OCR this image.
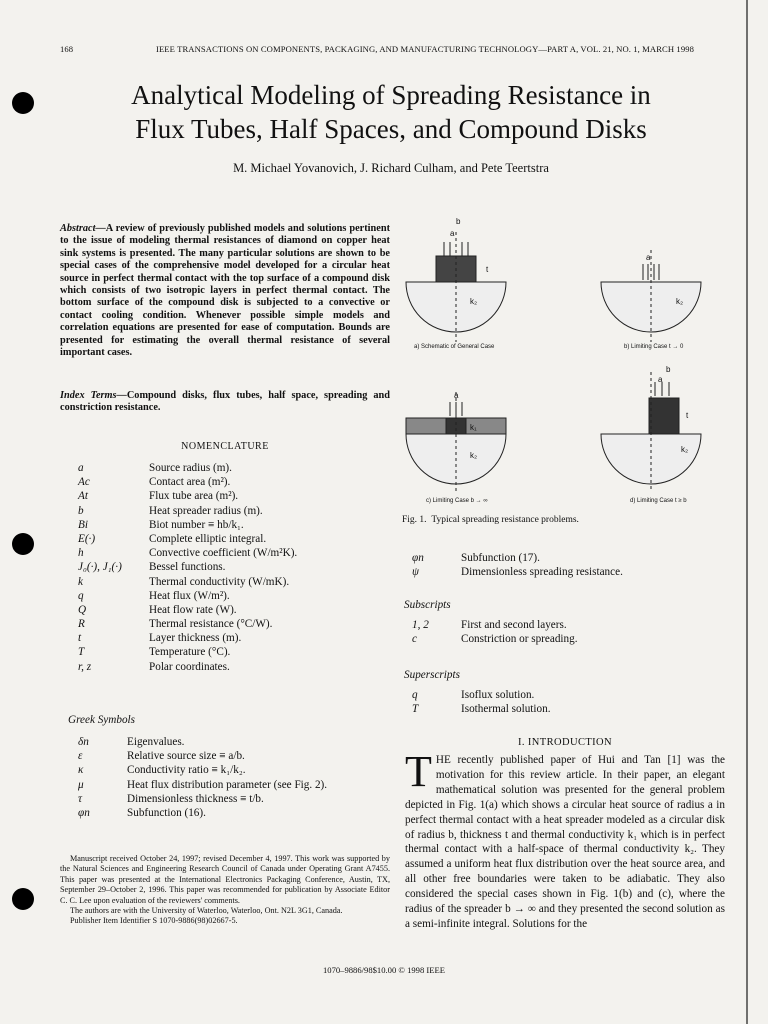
168	IEEE TRANSACTIONS ON COMPONENTS, PACKAGING, AND MANUFACTURING TECHNOLOGY—PART A, VOL. 21, NO. 1, MARCH 1998
Analytical Modeling of Spreading Resistance in
Flux Tubes, Half Spaces, and Compound Disks
M. Michael Yovanovich, J. Richard Culham, and Pete Teertstra
Abstract—A review of previously published models and solutions pertinent to the issue of modeling thermal resistances of diamond on copper heat sink systems is presented. The many particular solutions are shown to be special cases of the comprehensive model developed for a circular heat source in perfect thermal contact with the top surface of a compound disk which consists of two isotropic layers in perfect thermal contact. The bottom surface of the compound disk is subjected to a convective or contact cooling condition. Whenever possible simple models and correlation equations are presented for ease of computation. Bounds are presented for estimating the overall thermal resistance of several important cases.
Index Terms—Compound disks, flux tubes, half space, spreading and constriction resistance.
NOMENCLATURE
a	Source radius (m).
Ac	Contact area (m²).
At	Flux tube area (m²).
b	Heat spreader radius (m).
Bi	Biot number ≡ hb/k₁.
E(·)	Complete elliptic integral.
h	Convective coefficient (W/m²K).
J₀(·), J₁(·) Bessel functions.
k	Thermal conductivity (W/mK).
q	Heat flux (W/m²).
Q	Heat flow rate (W).
R	Thermal resistance (°C/W).
t	Layer thickness (m).
T	Temperature (°C).
r, z	Polar coordinates.
Greek Symbols
δn	Eigenvalues.
ε	Relative source size ≡ a/b.
κ	Conductivity ratio ≡ k₁/k₂.
μ	Heat flux distribution parameter (see Fig. 2).
τ	Dimensionless thickness ≡ t/b.
φn	Subfunction (16).

Manuscript received October 24, 1997; revised December 4, 1997. This work was supported by the Natural Sciences and Engineering Research Council of Canada under Operating Grant A7455. This paper was presented at the International Electronics Packaging Conference, Austin, TX, September 29–October 2, 1996. This paper was recommended for publication by Associate Editor C. C. Lee upon evaluation of the reviewers' comments.

The authors are with the University of Waterloo, Waterloo, Ont. N2L 3G1, Canada.

Publisher Item Identifier S 1070-9886(98)02667-5.

b
a
t
k₂
a
k₂
a
k₁
k₂
b
a
t
k₂
a) Schematic of General Case	b) Limiting Case t → 0
c) Limiting Case b → ∞	d) Limiting Case t ≥ b
Fig. 1. Typical spreading resistance problems.
φn	Subfunction (17).
ψ	Dimensionless spreading resistance.
Subscripts
1, 2	First and second layers.
c	Constriction or spreading.
Superscripts
q	Isoflux solution.
T	Isothermal solution.
I. INTRODUCTION
THE recently published paper of Hui and Tan [1] was the motivation for this review article. In their paper, an elegant mathematical solution was presented for the general problem depicted in Fig. 1(a) which shows a circular heat source of radius a in perfect thermal contact with a heat spreader modeled as a circular disk of radius b, thickness t and thermal conductivity k₁ which is in perfect thermal contact with a half-space of thermal conductivity k₂. They assumed a uniform heat flux distribution over the heat source area, and all other free boundaries were taken to be adiabatic. They also considered the special cases shown in Fig. 1(b) and (c), where the radius of the spreader b → ∞ and they presented the second solution as a semi-infinite integral. Solutions for the
1070–9886/98$10.00 © 1998 IEEE
